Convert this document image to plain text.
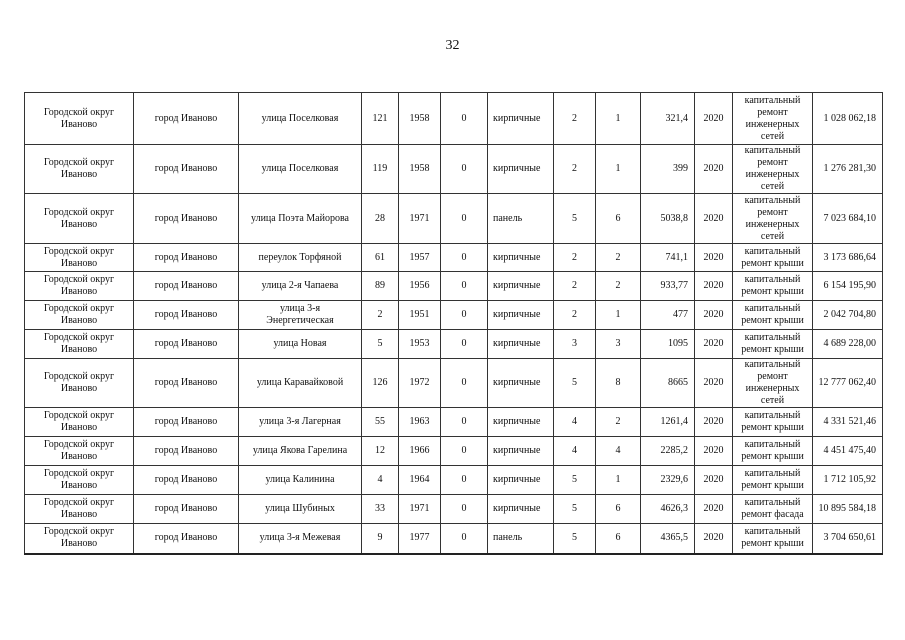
32
Городской округ Иваново	город Иваново	улица Поселковая	121	1958	0	кирпичные	2	1	321,4	2020	капитальный ремонт инженерных сетей	1 028 062,18
Городской округ Иваново	город Иваново	улица Поселковая	119	1958	0	кирпичные	2	1	399	2020	капитальный ремонт инженерных сетей	1 276 281,30
Городской округ Иваново	город Иваново	улица Поэта Майорова	28	1971	0	панель	5	6	5038,8	2020	капитальный ремонт инженерных сетей	7 023 684,10
Городской округ Иваново	город Иваново	переулок Торфяной	61	1957	0	кирпичные	2	2	741,1	2020	капитальный ремонт крыши	3 173 686,64
Городской округ Иваново	город Иваново	улица 2-я Чапаева	89	1956	0	кирпичные	2	2	933,77	2020	капитальный ремонт крыши	6 154 195,90
Городской округ Иваново	город Иваново	улица 3-я Энергетическая	2	1951	0	кирпичные	2	1	477	2020	капитальный ремонт крыши	2 042 704,80
Городской округ Иваново	город Иваново	улица Новая	5	1953	0	кирпичные	3	3	1095	2020	капитальный ремонт крыши	4 689 228,00
Городской округ Иваново	город Иваново	улица Каравайковой	126	1972	0	кирпичные	5	8	8665	2020	капитальный ремонт инженерных сетей	12 777 062,40
Городской округ Иваново	город Иваново	улица 3-я Лагерная	55	1963	0	кирпичные	4	2	1261,4	2020	капитальный ремонт крыши	4 331 521,46
Городской округ Иваново	город Иваново	улица Якова Гарелина	12	1966	0	кирпичные	4	4	2285,2	2020	капитальный ремонт крыши	4 451 475,40
Городской округ Иваново	город Иваново	улица Калинина	4	1964	0	кирпичные	5	1	2329,6	2020	капитальный ремонт крыши	1 712 105,92
Городской округ Иваново	город Иваново	улица Шубиных	33	1971	0	кирпичные	5	6	4626,3	2020	капитальный ремонт фасада	10 895 584,18
Городской округ Иваново	город Иваново	улица 3-я Межевая	9	1977	0	панель	5	6	4365,5	2020	капитальный ремонт крыши	3 704 650,61
